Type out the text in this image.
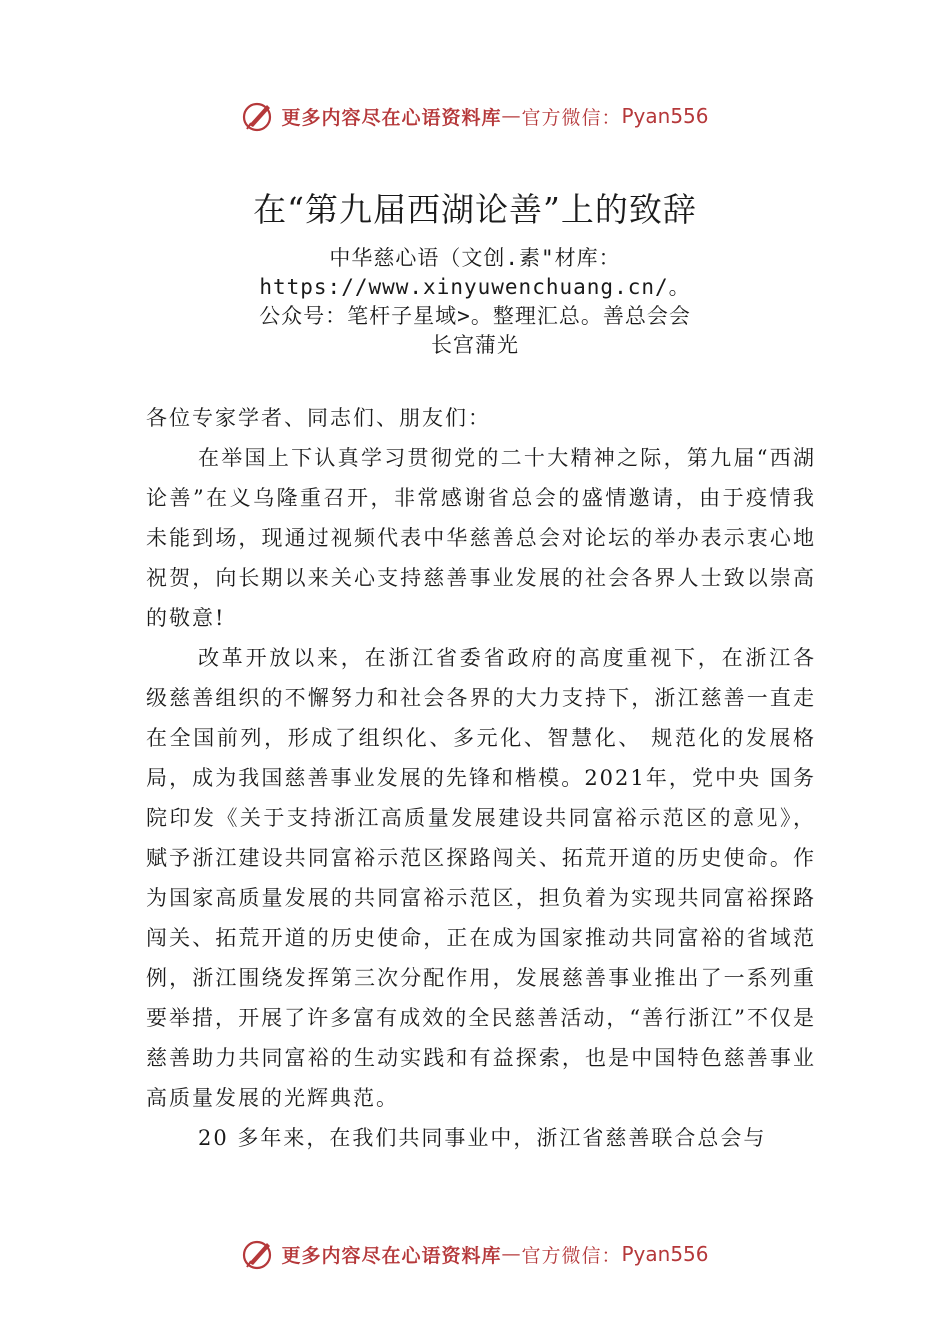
更多内容尽在心语资料库 — 官方微信： Pyan556
在“第九届西湖论善”上的致辞
中华慈心语（文创.素"材库：https://www.xinyuwenchuang.cn/。公众号：笔杆子星域>。整理汇总。善总会会长宫蒲光

各位专家学者、同志们、朋友们：

在举国上下认真学习贯彻党的二十大精神之际，第九届“西湖论善”在义乌隆重召开，非常感谢省总会的盛情邀请，由于疫情我未能到场，现通过视频代表中华慈善总会对论坛的举办表示衷心地祝贺，向长期以来关心支持慈善事业发展的社会各界人士致以崇高的敬意!

改革开放以来，在浙江省委省政府的高度重视下，在浙江各级慈善组织的不懈努力和社会各界的大力支持下，浙江慈善一直走在全国前列，形成了组织化、多元化、智慧化、 规范化的发展格局，成为我国慈善事业发展的先锋和楷模。2021年，党中央 国务院印发《关于支持浙江高质量发展建设共同富裕示范区的意见》，赋予浙江建设共同富裕示范区探路闯关、拓荒开道的历史使命。作为国家高质量发展的共同富裕示范区，担负着为实现共同富裕探路闯关、拓荒开道的历史使命，正在成为国家推动共同富裕的省域范例，浙江围绕发挥第三次分配作用，发展慈善事业推出了一系列重要举措，开展了许多富有成效的全民慈善活动，“善行浙江”不仅是慈善助力共同富裕的生动实践和有益探索，也是中国特色慈善事业高质量发展的光辉典范。

20 多年来，在我们共同事业中，浙江省慈善联合总会与

更多内容尽在心语资料库 — 官方微信： Pyan556
